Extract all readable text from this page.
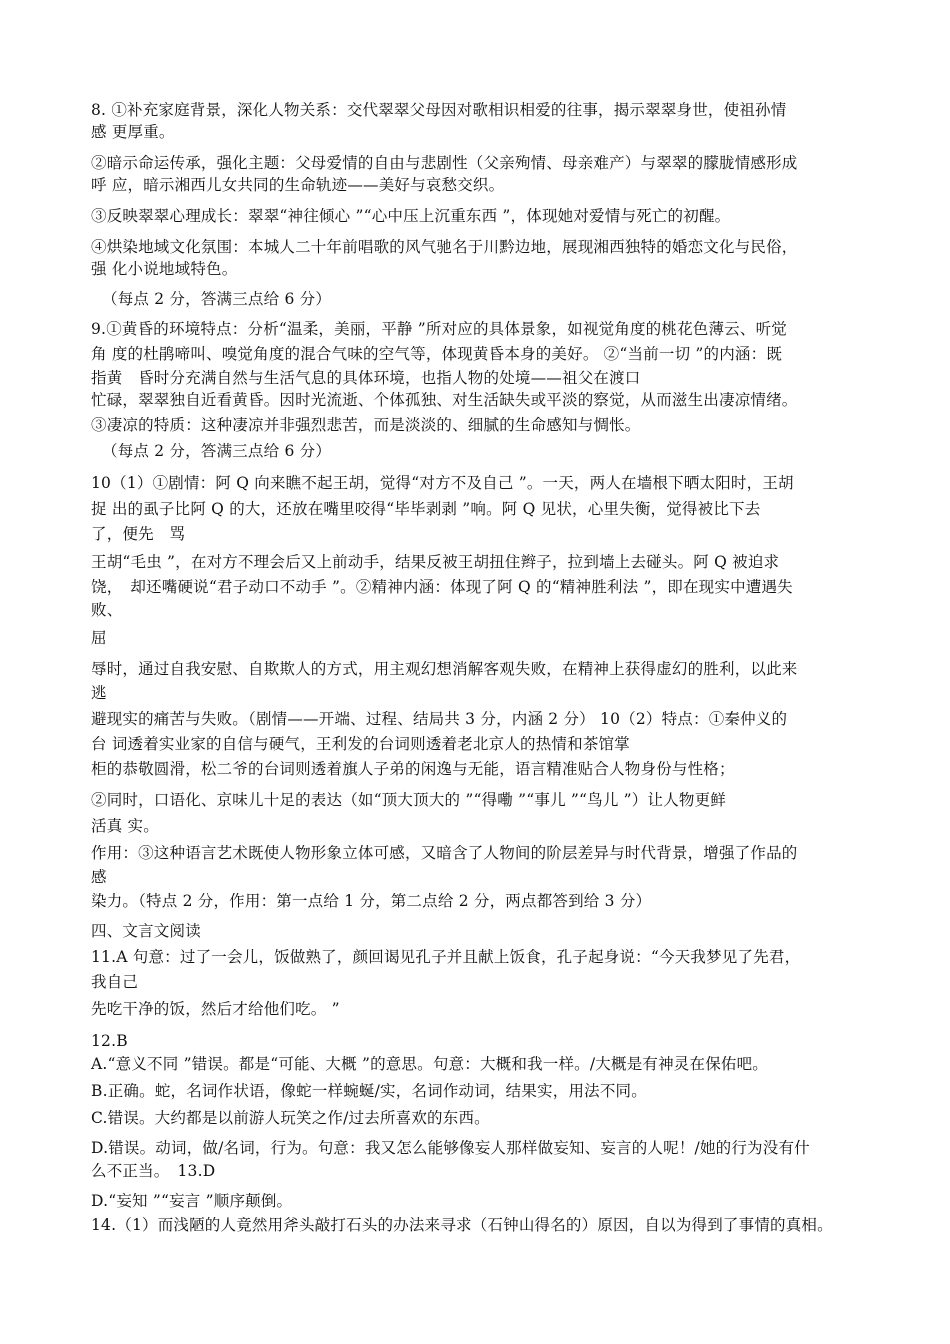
8. ①补充家庭背景，深化人物关系：交代翠翠父母因对歌相识相爱的往事，揭示翠翠身世，使祖孙情
感 更厚重。
②暗示命运传承，强化主题：父母爱情的自由与悲剧性（父亲殉情、母亲难产）与翠翠的朦胧情感形成
呼 应，暗示湘西儿女共同的生命轨迹——美好与哀愁交织。
③反映翠翠心理成长：翠翠“神往倾心 ”“心中压上沉重东西 ”，体现她对爱情与死亡的初醒。
④烘染地域文化氛围：本城人二十年前唱歌的风气驰名于川黔边地，展现湘西独特的婚恋文化与民俗，
强 化小说地域特色。
（每点 2 分，答满三点给 6 分）
9.①黄昏的环境特点：分析“温柔，美丽，平静 ”所对应的具体景象，如视觉角度的桃花色薄云、听觉
角 度的杜鹃啼叫、嗅觉角度的混合气味的空气等，体现黄昏本身的美好。 ②“当前一切 ”的内涵：既
指黄　昏时分充满自然与生活气息的具体环境，也指人物的处境——祖父在渡口
忙碌，翠翠独自近看黄昏。因时光流逝、个体孤独、对生活缺失或平淡的察觉，从而滋生出凄凉情绪。
③凄凉的特质：这种凄凉并非强烈悲苦，而是淡淡的、细腻的生命感知与惆怅。
（每点 2 分，答满三点给 6 分）
10（1）①剧情：阿 Q 向来瞧不起王胡，觉得“对方不及自己 ”。一天，两人在墙根下晒太阳时，王胡
捉 出的虱子比阿 Q 的大，还放在嘴里咬得“毕毕剥剥 ”响。阿 Q 见状，心里失衡，觉得被比下去
了，便先　骂
王胡“毛虫 ”，在对方不理会后又上前动手，结果反被王胡扭住辫子，拉到墙上去碰头。阿 Q 被迫求
饶，　却还嘴硬说“君子动口不动手 ”。②精神内涵：体现了阿 Q 的“精神胜利法 ”，即在现实中遭遇失
败、
屈
辱时，通过自我安慰、自欺欺人的方式，用主观幻想消解客观失败，在精神上获得虚幻的胜利，以此来
逃
避现实的痛苦与失败。（剧情——开端、过程、结局共 3 分，内涵 2 分） 10（2）特点：①秦仲义的
台 词透着实业家的自信与硬气，王利发的台词则透着老北京人的热情和茶馆掌
柜的恭敬圆滑，松二爷的台词则透着旗人子弟的闲逸与无能，语言精准贴合人物身份与性格；
②同时，口语化、京味儿十足的表达（如“顶大顶大的 ”“得嘞 ”“事儿 ”“鸟儿 ”）让人物更鲜
活真 实。
作用：③这种语言艺术既使人物形象立体可感，又暗含了人物间的阶层差异与时代背景，增强了作品的
感
染力。（特点 2 分，作用：第一点给 1 分，第二点给 2 分，两点都答到给 3 分）
四、文言文阅读
11.A 句意：过了一会儿，饭做熟了，颜回谒见孔子并且献上饭食，孔子起身说：“今天我梦见了先君，
我自己
先吃干净的饭，然后才给他们吃。 ”
12.B
A.“意义不同 ”错误。都是“可能、大概 ”的意思。句意：大概和我一样。/大概是有神灵在保佑吧。
B.正确。蛇，名词作状语，像蛇一样蜿蜒/实，名词作动词，结果实，用法不同。
C.错误。大约都是以前游人玩笑之作/过去所喜欢的东西。
D.错误。动词，做/名词，行为。句意：我又怎么能够像妄人那样做妄知、妄言的人呢！/她的行为没有什
么不正当。　13.D
D.“妄知 ”“妄言 ”顺序颠倒。
14.（1）而浅陋的人竟然用斧头敲打石头的办法来寻求（石钟山得名的）原因，自以为得到了事情的真相。
